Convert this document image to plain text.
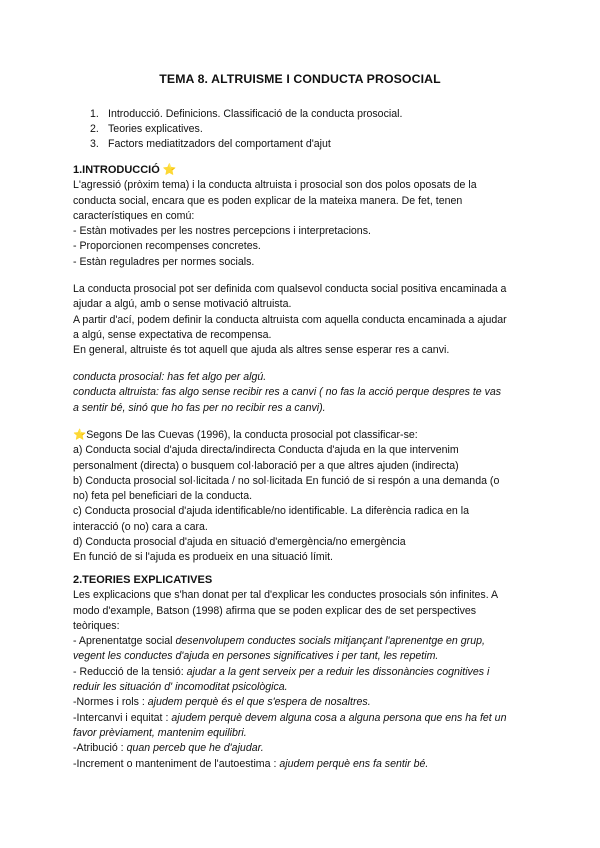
TEMA 8. ALTRUISME I CONDUCTA PROSOCIAL
1. Introducció. Definicions. Classificació de la conducta prosocial.
2. Teories explicatives.
3. Factors mediatitzadors del comportament d'ajut
1.INTRODUCCIÓ ⭐
L'agressió (pròxim tema) i la conducta altruista i prosocial son dos polos oposats de la
conducta social, encara que es poden explicar de la mateixa manera. De fet, tenen
característiques en comú:
- Estàn motivades per les nostres percepcions i interpretacions.
- Proporcionen recompenses concretes.
- Estàn reguladres per normes socials.
La conducta prosocial pot ser definida com qualsevol conducta social positiva encaminada a
ajudar a algú, amb o sense motivació altruista.
A partir d'ací, podem definir la conducta altruista com aquella conducta encaminada a ajudar
a algú, sense expectativa de recompensa.
En general, altruiste és tot aquell que ajuda als altres sense esperar res a canvi.
conducta prosocial: has fet algo per algú.
conducta altruista: fas algo sense recibir res a canvi ( no fas la acció perque despres te vas
a sentir bé, sinó que ho fas per no recibir res a canvi).
⭐Segons De las Cuevas (1996), la conducta prosocial pot classificar-se:
a) Conducta social d'ajuda directa/indirecta Conducta d'ajuda en la que intervenim
personalment (directa) o busquem col·laboració per a que altres ajuden (indirecta)
b) Conducta prosocial sol·licitada / no sol·licitada En funció de si respón a una demanda (o
no) feta pel beneficiari de la conducta.
c) Conducta prosocial d'ajuda identificable/no identificable. La diferència radica en la
interacció (o no) cara a cara.
d) Conducta prosocial d'ajuda en situació d'emergència/no emergència
En funció de si l'ajuda es produeix en una situació límit.
2.TEORIES EXPLICATIVES
Les explicacions que s'han donat per tal d'explicar les conductes prosocials són infinites. A
modo d'example, Batson (1998) afirma que se poden explicar des de set perspectives
teòriques:
- Aprenentatge social desenvolupem conductes socials mitjançant l'aprenentge en grup,
vegent les conductes d'ajuda en persones significatives i per tant, les repetim.
- Reducció de la tensió: ajudar a la gent serveix per a reduir les dissonàncies cognitives i
reduir les situación d' incomoditat psicològica.
-Normes i rols : ajudem perquè és el que s'espera de nosaltres.
-Intercanvi i equitat : ajudem perquè devem alguna cosa a alguna persona que ens ha fet un
favor prèviament, mantenim equilibri.
-Atribució : quan perceb que he d'ajudar.
-Increment o manteniment de l'autoestima : ajudem perquè ens fa sentir bé.
